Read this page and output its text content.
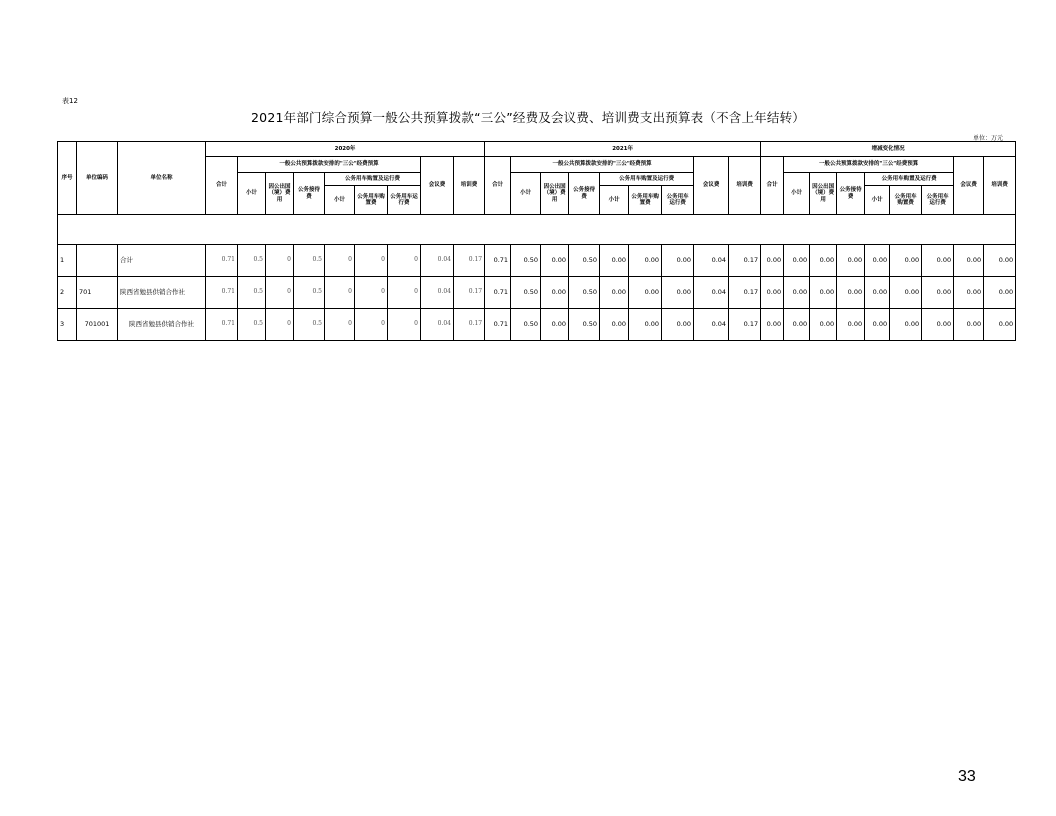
表12
2021年部门综合预算一般公共预算拨款“三公”经费及会议费、培训费支出预算表（不含上年结转）
单位：万元
序号	单位编码	单位名称	2020年									2021年									增减变化情况								
			合计	一般公共预算拨款安排的"三公"经费预算						会议费	培训费	合计	一般公共预算拨款安排的"三公"经费预算						会议费	培训费	合计	一般公共预算拨款安排的"三公"经费预算						会议费	培训费
				小计	因公出国（境）费用	公务接待费	公务用车购置及运行费						小计	因公出国（境）费用	公务接待费	公务用车购置及运行费						小计	因公出国（境）费用	公务接待费	公务用车购置及运行费				
							小计	公务用车购置费	公务用车运行费							小计	公务用车购置费	公务用车运行费							小计	公务用车购置费	公务用车运行费		

1		合计	0.71	0.5	0	0.5	0	0	0	0.04	0.17	0.71	0.50	0.00	0.50	0.00	0.00	0.00	0.04	0.17	0.00	0.00	0.00	0.00	0.00	0.00	0.00	0.00	0.00
2	701	陕西省勉县供销合作社	0.71	0.5	0	0.5	0	0	0	0.04	0.17	0.71	0.50	0.00	0.50	0.00	0.00	0.00	0.04	0.17	0.00	0.00	0.00	0.00	0.00	0.00	0.00	0.00	0.00
3	701001	陕西省勉县供销合作社	0.71	0.5	0	0.5	0	0	0	0.04	0.17	0.71	0.50	0.00	0.50	0.00	0.00	0.00	0.04	0.17	0.00	0.00	0.00	0.00	0.00	0.00	0.00	0.00	0.00
33
